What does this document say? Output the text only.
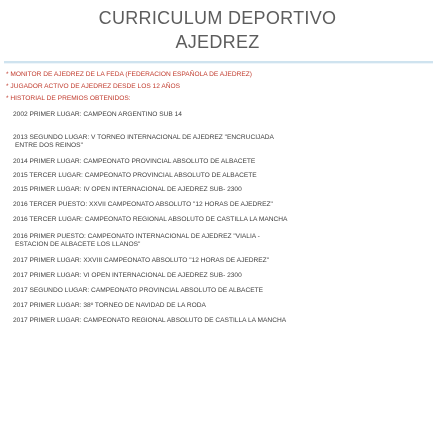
CURRICULUM DEPORTIVO
AJEDREZ
* MONITOR DE AJEDREZ DE LA FEDA (FEDERACION ESPAÑOLA DE AJEDREZ)
* JUGADOR ACTIVO DE AJEDREZ DESDE LOS 12 AÑOS
* HISTORIAL DE PREMIOS OBTENIDOS:
2002 PRIMER LUGAR: CAMPEON ARGENTINO SUB 14
2013 SEGUNDO LUGAR: V TORNEO INTERNACIONAL DE AJEDREZ "ENCRUCIJADA
ENTRE DOS REINOS"
2014 PRIMER LUGAR: CAMPEONATO PROVINCIAL ABSOLUTO DE ALBACETE
2015 TERCER LUGAR: CAMPEONATO PROVINCIAL ABSOLUTO DE ALBACETE
2015 PRIMER LUGAR: IV OPEN INTERNACIONAL DE AJEDREZ SUB- 2300
2016 TERCER PUESTO: XXVII CAMPEONATO ABSOLUTO "12 HORAS DE AJEDREZ"
2016 TERCER LUGAR: CAMPEONATO REGIONAL ABSOLUTO DE CASTILLA LA MANCHA
2016 PRIMER PUESTO: CAMPEONATO INTERNACIONAL DE AJEDREZ "VIALIA -
ESTACION DE ALBACETE LOS LLANOS"
2017 PRIMER LUGAR: XXVIII CAMPEONATO ABSOLUTO "12 HORAS DE AJEDREZ"
2017 PRIMER LUGAR: VI OPEN INTERNACIONAL DE AJEDREZ SUB- 2300
2017 SEGUNDO LUGAR: CAMPEONATO PROVINCIAL ABSOLUTO DE ALBACETE
2017 PRIMER LUGAR: 38º TORNEO DE NAVIDAD DE LA RODA
2017 PRIMER LUGAR: CAMPEONATO REGIONAL ABSOLUTO DE CASTILLA LA MANCHA
